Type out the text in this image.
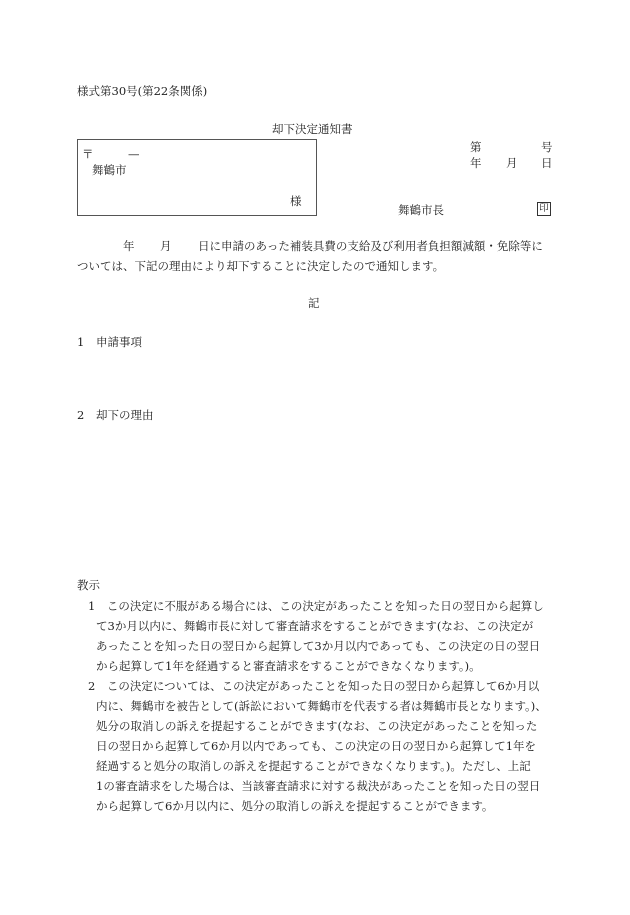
様式第30号(第22条関係)
却下決定通知書
〒	—
舞鶴市
様
第	号
年 月 日
舞鶴市長	印
年 月 日に申請のあった補装具費の支給及び利用者負担額減額・免除等に
ついては、下記の理由により却下することに決定したので通知します。
記
1 申請事項
2 却下の理由
教示
1　この決定に不服がある場合には、この決定があったことを知った日の翌日から起算し
て3か月以内に、舞鶴市長に対して審査請求をすることができます(なお、この決定が
あったことを知った日の翌日から起算して3か月以内であっても、この決定の日の翌日
から起算して1年を経過すると審査請求をすることができなくなります。)。
2　この決定については、この決定があったことを知った日の翌日から起算して6か月以
内に、舞鶴市を被告として(訴訟において舞鶴市を代表する者は舞鶴市長となります。)、
処分の取消しの訴えを提起することができます(なお、この決定があったことを知った
日の翌日から起算して6か月以内であっても、この決定の日の翌日から起算して1年を
経過すると処分の取消しの訴えを提起することができなくなります。)。ただし、上記
1の審査請求をした場合は、当該審査請求に対する裁決があったことを知った日の翌日
から起算して6か月以内に、処分の取消しの訴えを提起することができます。
